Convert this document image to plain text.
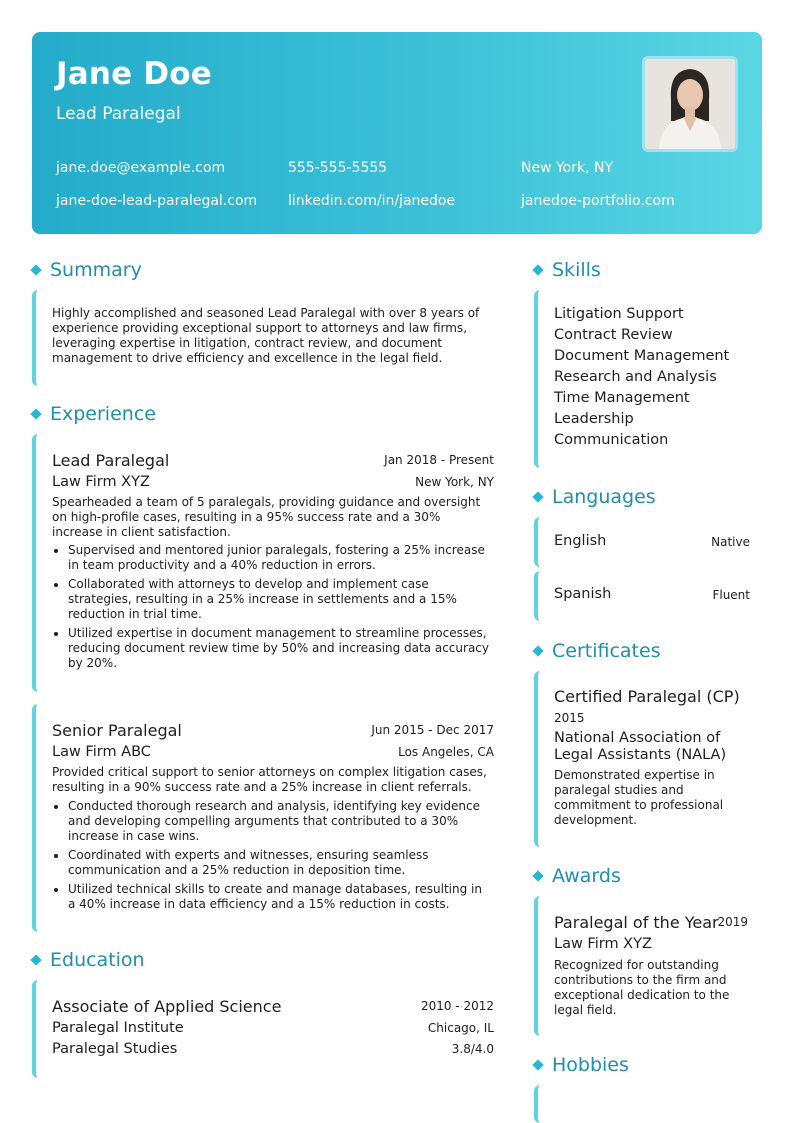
Jane Doe
Lead Paralegal
jane.doe@example.com	555-555-5555	New York, NY
jane-doe-lead-paralegal.com linkedin.com/in/janedoe	janedoe-portfolio.com
Summary
Highly accomplished and seasoned Lead Paralegal with over 8 years of experience providing exceptional support to attorneys and law firms, leveraging expertise in litigation, contract review, and document management to drive efficiency and excellence in the legal field.
Experience
Lead Paralegal	Jan 2018 - Present
Law Firm XYZ	New York, NY
Spearheaded a team of 5 paralegals, providing guidance and oversight on high-profile cases, resulting in a 95% success rate and a 30% increase in client satisfaction.
Supervised and mentored junior paralegals, fostering a 25% increase in team productivity and a 40% reduction in errors.
Collaborated with attorneys to develop and implement case strategies, resulting in a 25% increase in settlements and a 15% reduction in trial time.
Utilized expertise in document management to streamline processes, reducing document review time by 50% and increasing data accuracy by 20%.
Senior Paralegal	Jun 2015 - Dec 2017
Law Firm ABC	Los Angeles, CA
Provided critical support to senior attorneys on complex litigation cases, resulting in a 90% success rate and a 25% increase in client referrals.
Conducted thorough research and analysis, identifying key evidence and developing compelling arguments that contributed to a 30% increase in case wins.
Coordinated with experts and witnesses, ensuring seamless communication and a 25% reduction in deposition time.
Utilized technical skills to create and manage databases, resulting in a 40% increase in data efficiency and a 15% reduction in costs.
Education
Associate of Applied Science	2010 - 2012
Paralegal Institute	Chicago, IL
Paralegal Studies	3.8/4.0
Skills
Litigation Support
Contract Review
Document Management
Research and Analysis
Time Management
Leadership
Communication
Languages
English	Native
Spanish	Fluent
Certificates
Certified Paralegal (CP)
2015
National Association of
Legal Assistants (NALA)
Demonstrated expertise in paralegal studies and commitment to professional development.
Awards
Paralegal of the Year
2019
Law Firm XYZ
Recognized for outstanding contributions to the firm and exceptional dedication to the legal field.
Hobbies
